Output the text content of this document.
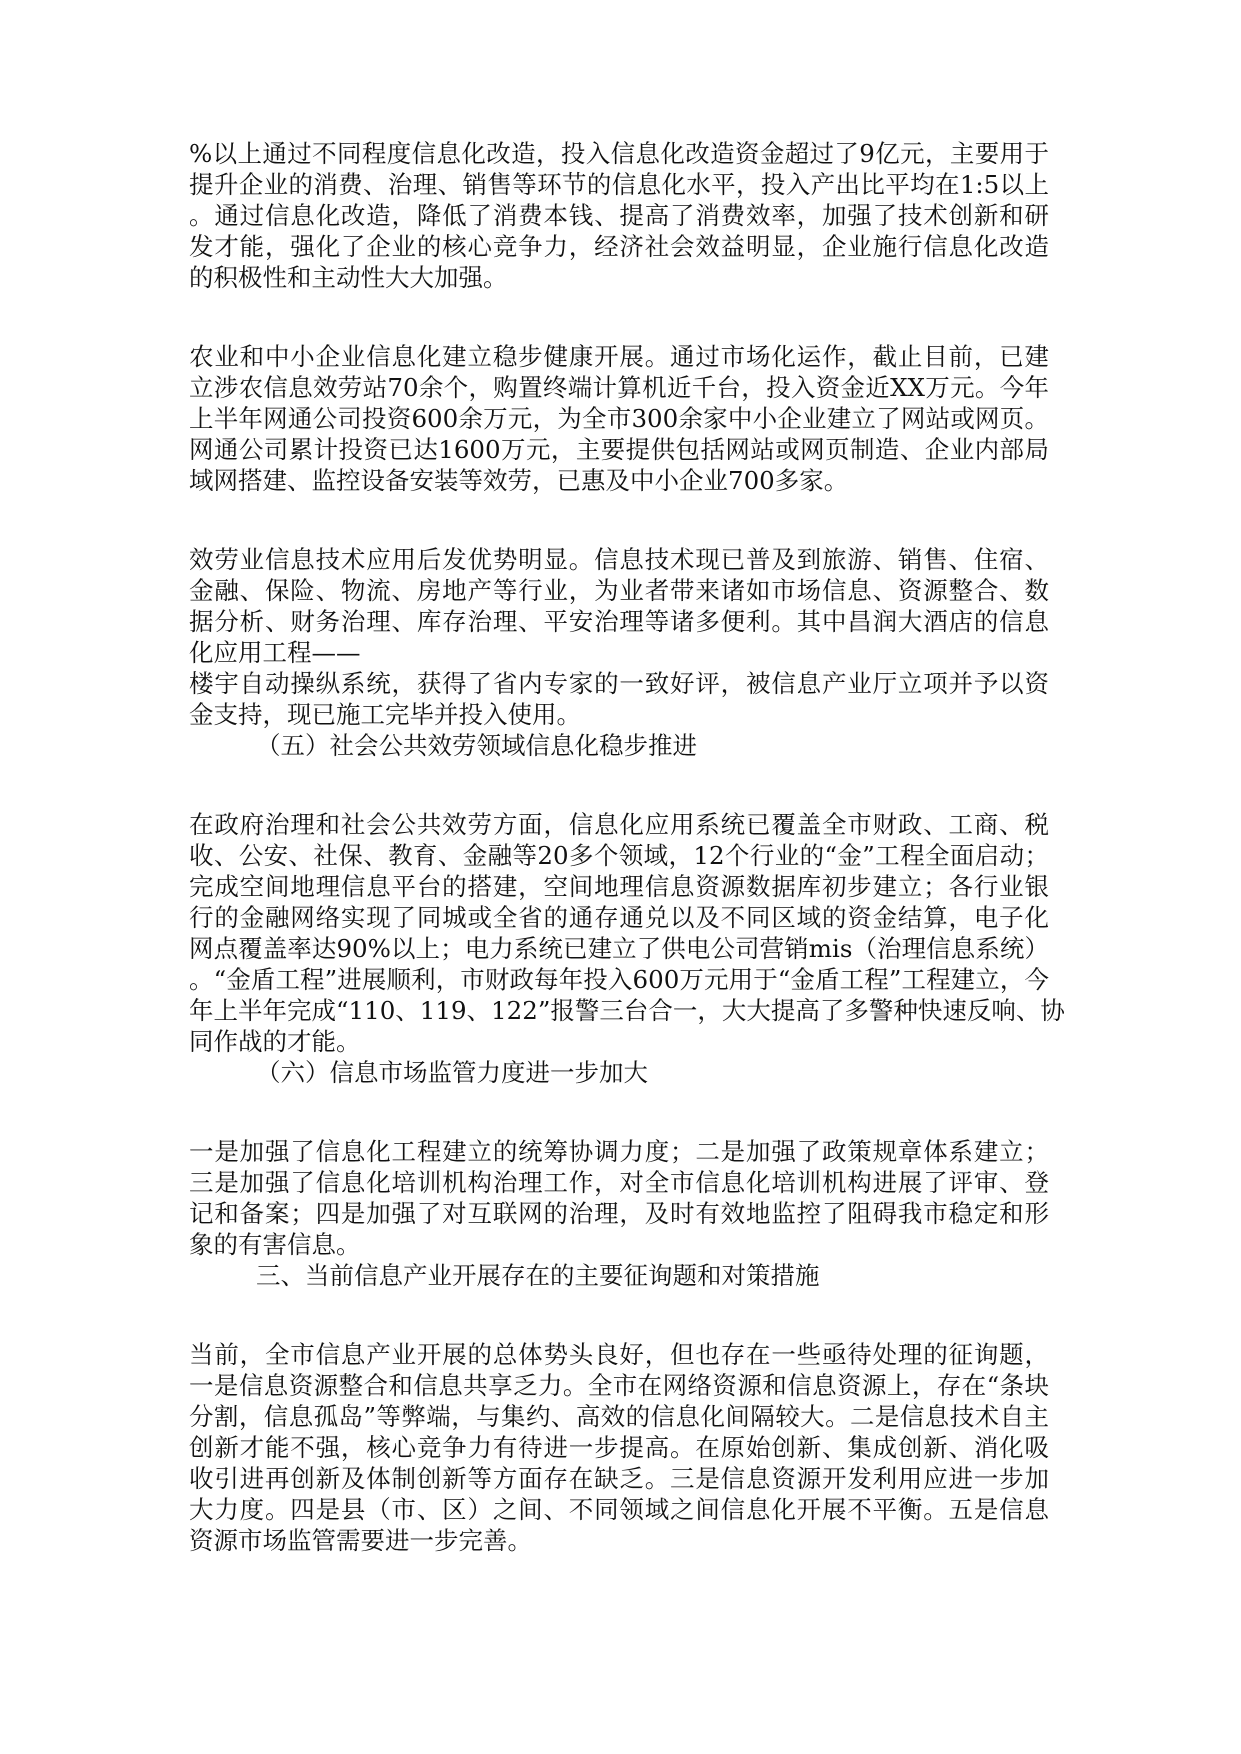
%以上通过不同程度信息化改造，投入信息化改造资金超过了9亿元，主要用于
提升企业的消费、治理、销售等环节的信息化水平，投入产出比平均在1:5以上
。通过信息化改造，降低了消费本钱、提高了消费效率，加强了技术创新和研
发才能，强化了企业的核心竞争力，经济社会效益明显，企业施行信息化改造
的积极性和主动性大大加强。
农业和中小企业信息化建立稳步健康开展。通过市场化运作，截止目前，已建
立涉农信息效劳站70余个，购置终端计算机近千台，投入资金近XX万元。今年
上半年网通公司投资600余万元，为全市300余家中小企业建立了网站或网页。
网通公司累计投资已达1600万元，主要提供包括网站或网页制造、企业内部局
域网搭建、监控设备安装等效劳，已惠及中小企业700多家。
效劳业信息技术应用后发优势明显。信息技术现已普及到旅游、销售、住宿、
金融、保险、物流、房地产等行业，为业者带来诸如市场信息、资源整合、数
据分析、财务治理、库存治理、平安治理等诸多便利。其中昌润大酒店的信息
化应用工程——
楼宇自动操纵系统，获得了省内专家的一致好评，被信息产业厅立项并予以资
金支持，现已施工完毕并投入使用。
（五）社会公共效劳领域信息化稳步推进
在政府治理和社会公共效劳方面，信息化应用系统已覆盖全市财政、工商、税
收、公安、社保、教育、金融等20多个领域，12个行业的“金”工程全面启动；
完成空间地理信息平台的搭建，空间地理信息资源数据库初步建立；各行业银
行的金融网络实现了同城或全省的通存通兑以及不同区域的资金结算，电子化
网点覆盖率达90%以上；电力系统已建立了供电公司营销mis（治理信息系统）
。“金盾工程”进展顺利，市财政每年投入600万元用于“金盾工程”工程建立，今
年上半年完成“110、119、122”报警三台合一，大大提高了多警种快速反响、协
同作战的才能。
（六）信息市场监管力度进一步加大
一是加强了信息化工程建立的统筹协调力度；二是加强了政策规章体系建立；
三是加强了信息化培训机构治理工作，对全市信息化培训机构进展了评审、登
记和备案；四是加强了对互联网的治理，及时有效地监控了阻碍我市稳定和形
象的有害信息。
三、当前信息产业开展存在的主要征询题和对策措施
当前，全市信息产业开展的总体势头良好，但也存在一些亟待处理的征询题，
一是信息资源整合和信息共享乏力。全市在网络资源和信息资源上，存在“条块
分割，信息孤岛”等弊端，与集约、高效的信息化间隔较大。二是信息技术自主
创新才能不强，核心竞争力有待进一步提高。在原始创新、集成创新、消化吸
收引进再创新及体制创新等方面存在缺乏。三是信息资源开发利用应进一步加
大力度。四是县（市、区）之间、不同领域之间信息化开展不平衡。五是信息
资源市场监管需要进一步完善。
